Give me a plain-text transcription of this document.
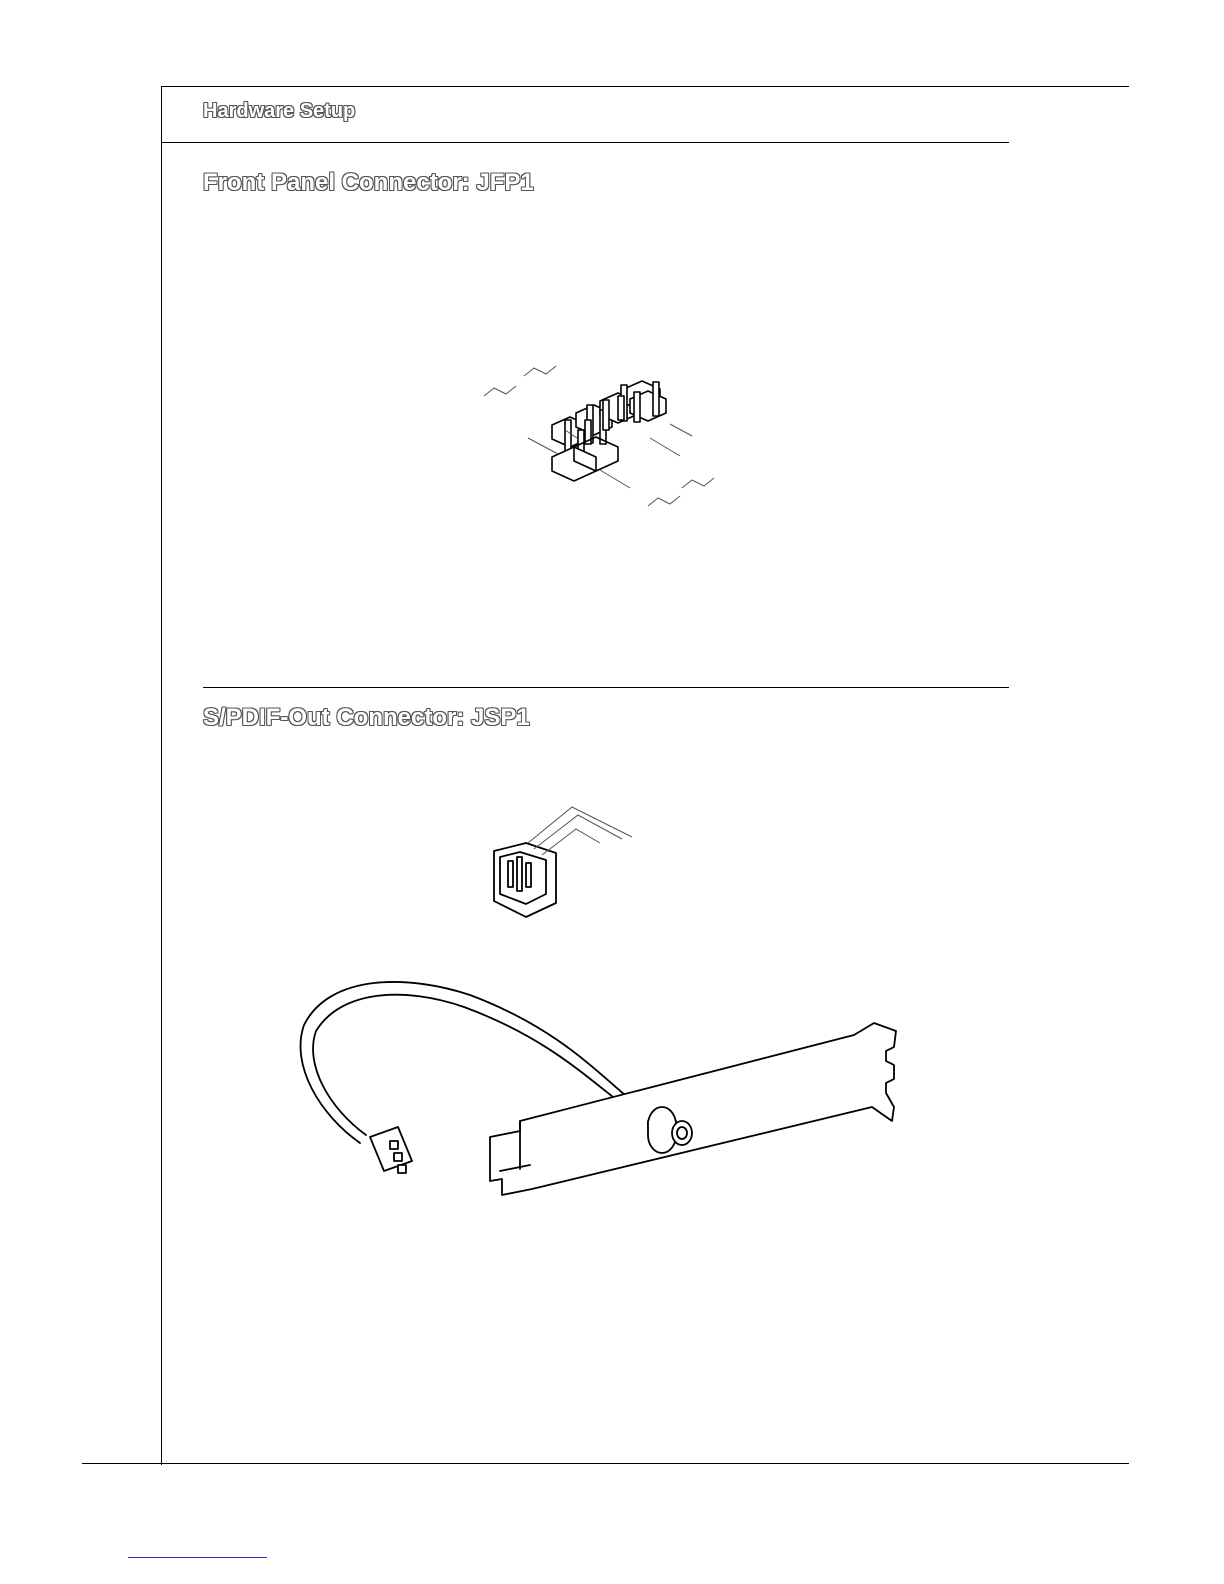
Hardware Setup
Front Panel Connector: JFP1
S/PDIF-Out Connector: JSP1
